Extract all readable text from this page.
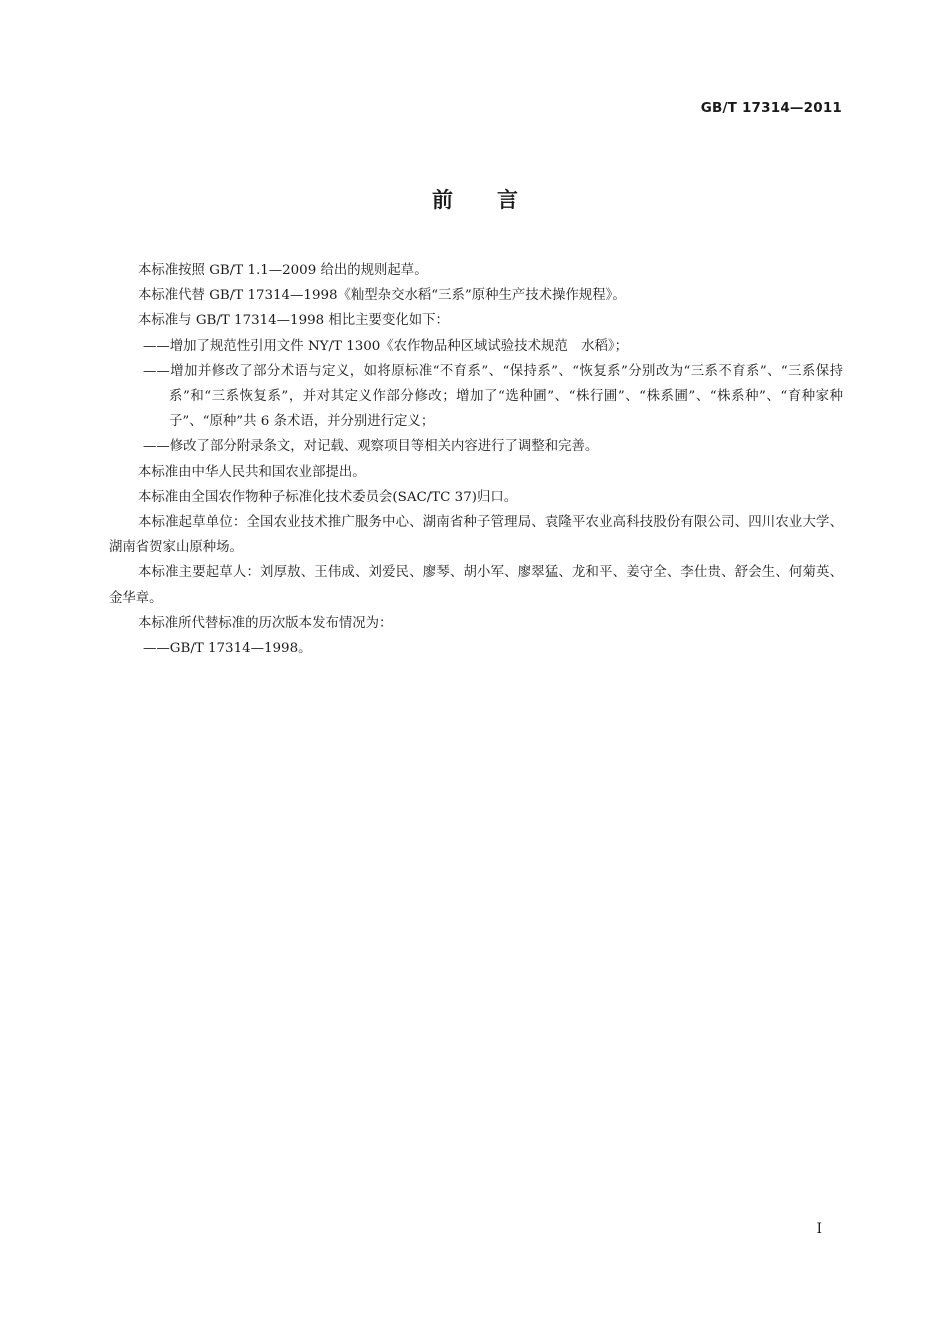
GB/T 17314—2011
前言

本标准按照 GB/T 1.1—2009 给出的规则起草。

本标准代替 GB/T 17314—1998《籼型杂交水稻“三系”原种生产技术操作规程》。

本标准与 GB/T 17314—1998 相比主要变化如下：

——增加了规范性引用文件 NY/T 1300《农作物品种区域试验技术规范　水稻》；

——增加并修改了部分术语与定义，如将原标准“不育系”、“保持系”、“恢复系”分别改为“三系不育系”、“三系保持系”和“三系恢复系”，并对其定义作部分修改；增加了“选种圃”、“株行圃”、“株系圃”、“株系种”、“育种家种子”、“原种”共 6 条术语，并分别进行定义；

——修改了部分附录条文，对记载、观察项目等相关内容进行了调整和完善。

本标准由中华人民共和国农业部提出。

本标准由全国农作物种子标准化技术委员会(SAC/TC 37)归口。

本标准起草单位：全国农业技术推广服务中心、湖南省种子管理局、袁隆平农业高科技股份有限公司、四川农业大学、湖南省贺家山原种场。

本标准主要起草人：刘厚敖、王伟成、刘爱民、廖琴、胡小军、廖翠猛、龙和平、姜守全、李仕贵、舒会生、何菊英、金华章。

本标准所代替标准的历次版本发布情况为：

——GB/T 17314—1998。

I
